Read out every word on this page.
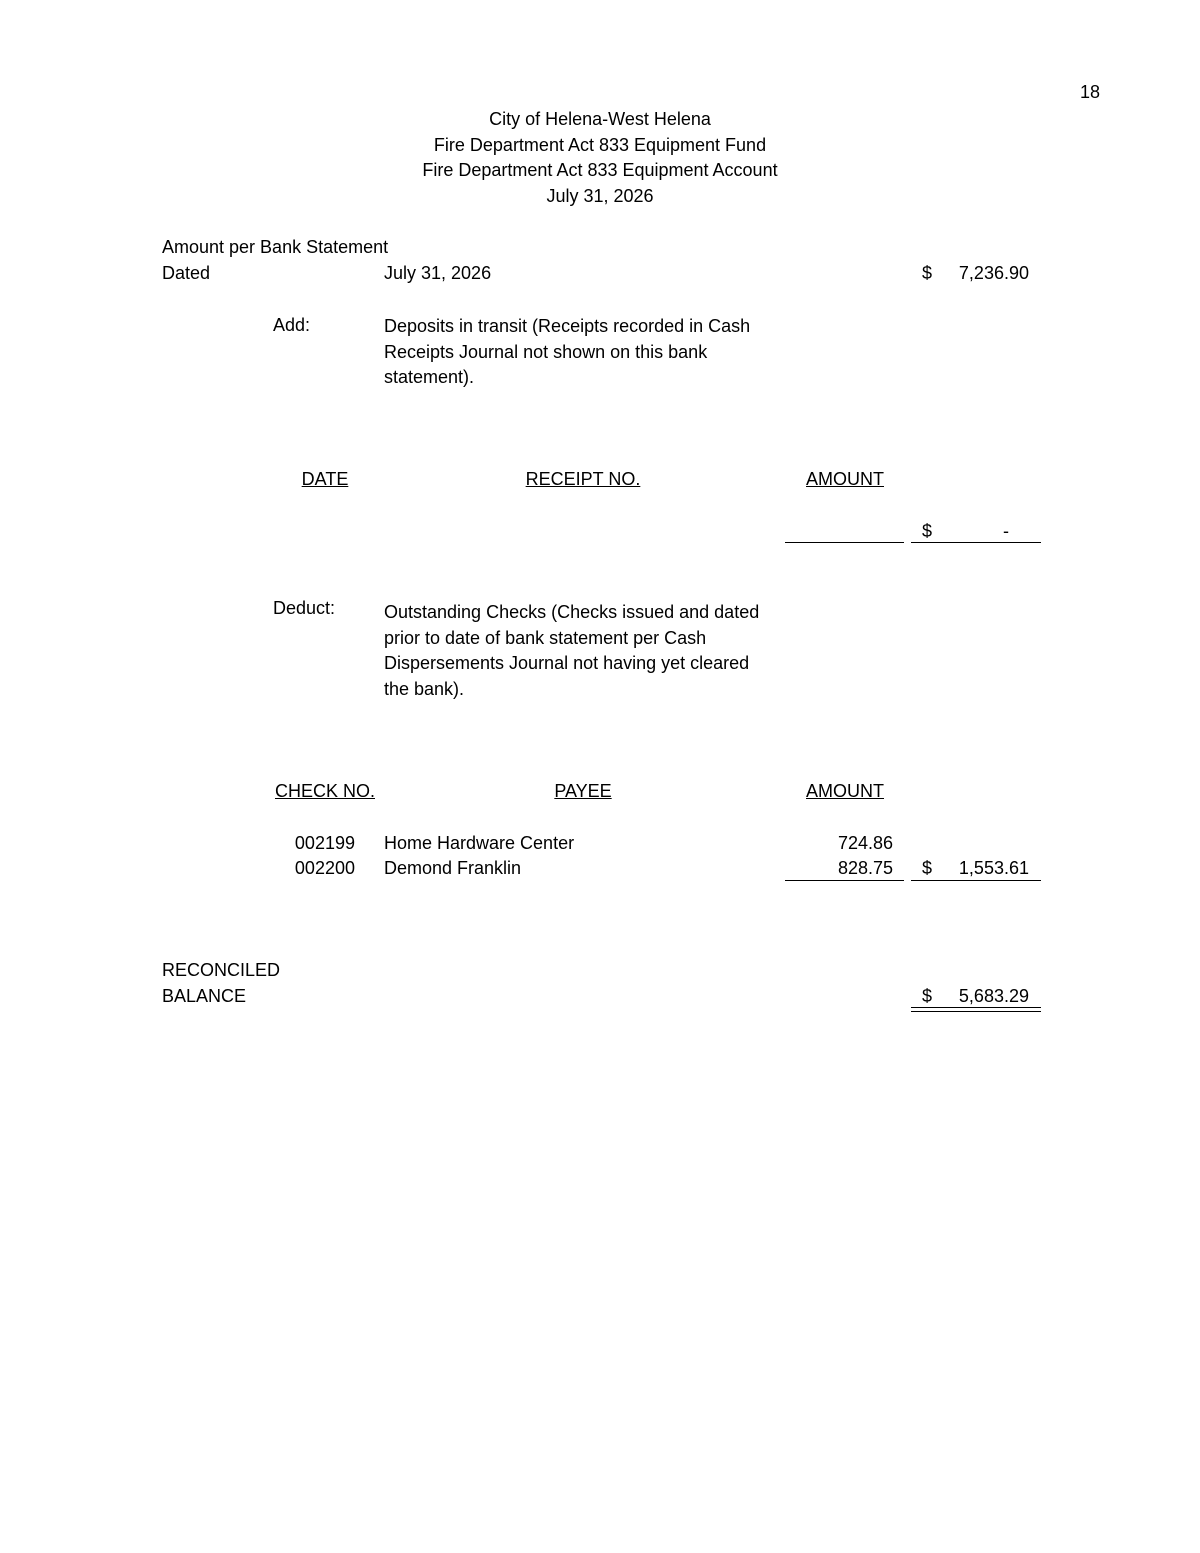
18
City of Helena-West Helena
Fire Department Act 833 Equipment Fund
Fire Department Act 833 Equipment Account
July 31, 2026
Amount per Bank Statement
Dated	July 31, 2026	$ 7,236.90
Add:	Deposits in transit (Receipts recorded in Cash Receipts Journal not shown on this bank statement).
DATE	RECEIPT NO.	AMOUNT
$	-
Deduct:	Outstanding Checks (Checks issued and dated prior to date of bank statement per Cash Dispersements Journal not having yet cleared the bank).
CHECK NO.	PAYEE	AMOUNT
002199 Home Hardware Center	724.86
002200 Demond Franklin	828.75 $ 1,553.61
RECONCILED
BALANCE	$ 5,683.29
